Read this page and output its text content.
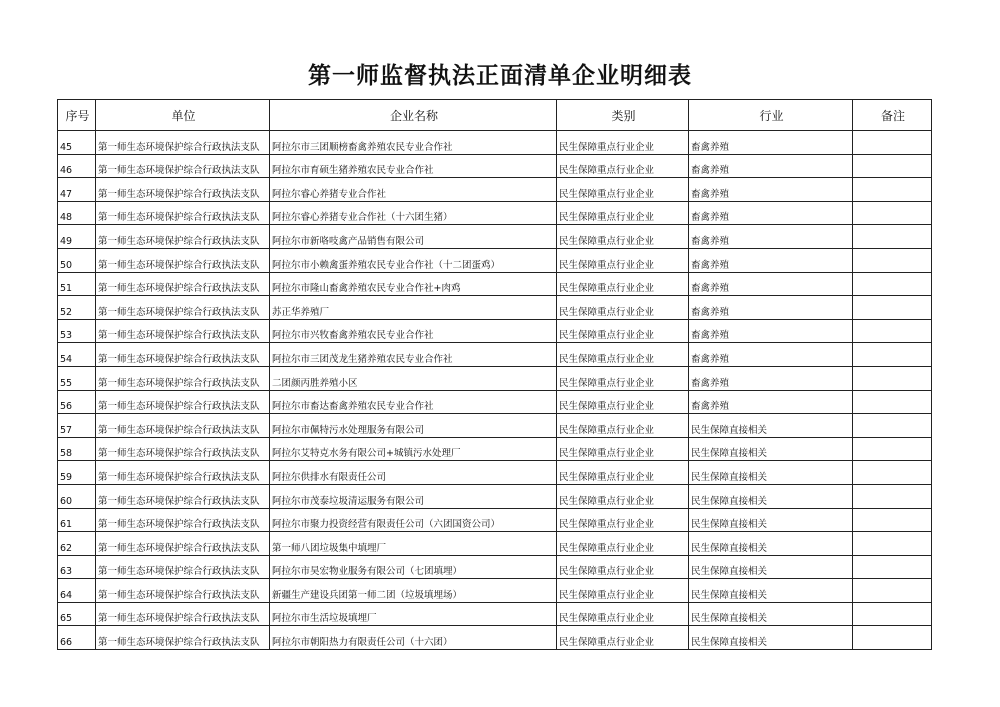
第一师监督执法正面清单企业明细表
序号	单位	企业名称	类别	行业	备注
45	第一师生态环境保护综合行政执法支队	阿拉尔市三团顺榜畜禽养殖农民专业合作社	民生保障重点行业企业	畜禽养殖	
46	第一师生态环境保护综合行政执法支队	阿拉尔市育硕生猪养殖农民专业合作社	民生保障重点行业企业	畜禽养殖	
47	第一师生态环境保护综合行政执法支队	阿拉尔睿心养猪专业合作社	民生保障重点行业企业	畜禽养殖	
48	第一师生态环境保护综合行政执法支队	阿拉尔睿心养猪专业合作社（十六团生猪）	民生保障重点行业企业	畜禽养殖	
49	第一师生态环境保护综合行政执法支队	阿拉尔市新咯吱禽产品销售有限公司	民生保障重点行业企业	畜禽养殖	
50	第一师生态环境保护综合行政执法支队	阿拉尔市小赖禽蛋养殖农民专业合作社（十二团蛋鸡）	民生保障重点行业企业	畜禽养殖	
51	第一师生态环境保护综合行政执法支队	阿拉尔市隆山畜禽养殖农民专业合作社+肉鸡	民生保障重点行业企业	畜禽养殖	
52	第一师生态环境保护综合行政执法支队	苏正华养殖厂	民生保障重点行业企业	畜禽养殖	
53	第一师生态环境保护综合行政执法支队	阿拉尔市兴牧畜禽养殖农民专业合作社	民生保障重点行业企业	畜禽养殖	
54	第一师生态环境保护综合行政执法支队	阿拉尔市三团茂龙生猪养殖农民专业合作社	民生保障重点行业企业	畜禽养殖	
55	第一师生态环境保护综合行政执法支队	二团颜丙胜养殖小区	民生保障重点行业企业	畜禽养殖	
56	第一师生态环境保护综合行政执法支队	阿拉尔市畜达畜禽养殖农民专业合作社	民生保障重点行业企业	畜禽养殖	
57	第一师生态环境保护综合行政执法支队	阿拉尔市佩特污水处理服务有限公司	民生保障重点行业企业	民生保障直接相关	
58	第一师生态环境保护综合行政执法支队	阿拉尔艾特克水务有限公司+城镇污水处理厂	民生保障重点行业企业	民生保障直接相关	
59	第一师生态环境保护综合行政执法支队	阿拉尔供排水有限责任公司	民生保障重点行业企业	民生保障直接相关	
60	第一师生态环境保护综合行政执法支队	阿拉尔市茂泰垃圾清运服务有限公司	民生保障重点行业企业	民生保障直接相关	
61	第一师生态环境保护综合行政执法支队	阿拉尔市聚力投资经营有限责任公司（六团国资公司）	民生保障重点行业企业	民生保障直接相关	
62	第一师生态环境保护综合行政执法支队	第一师八团垃圾集中填埋厂	民生保障重点行业企业	民生保障直接相关	
63	第一师生态环境保护综合行政执法支队	阿拉尔市昊宏物业服务有限公司（七团填埋）	民生保障重点行业企业	民生保障直接相关	
64	第一师生态环境保护综合行政执法支队	新疆生产建设兵团第一师二团（垃圾填埋场）	民生保障重点行业企业	民生保障直接相关	
65	第一师生态环境保护综合行政执法支队	阿拉尔市生活垃圾填埋厂	民生保障重点行业企业	民生保障直接相关	
66	第一师生态环境保护综合行政执法支队	阿拉尔市朝阳热力有限责任公司（十六团）	民生保障重点行业企业	民生保障直接相关	
